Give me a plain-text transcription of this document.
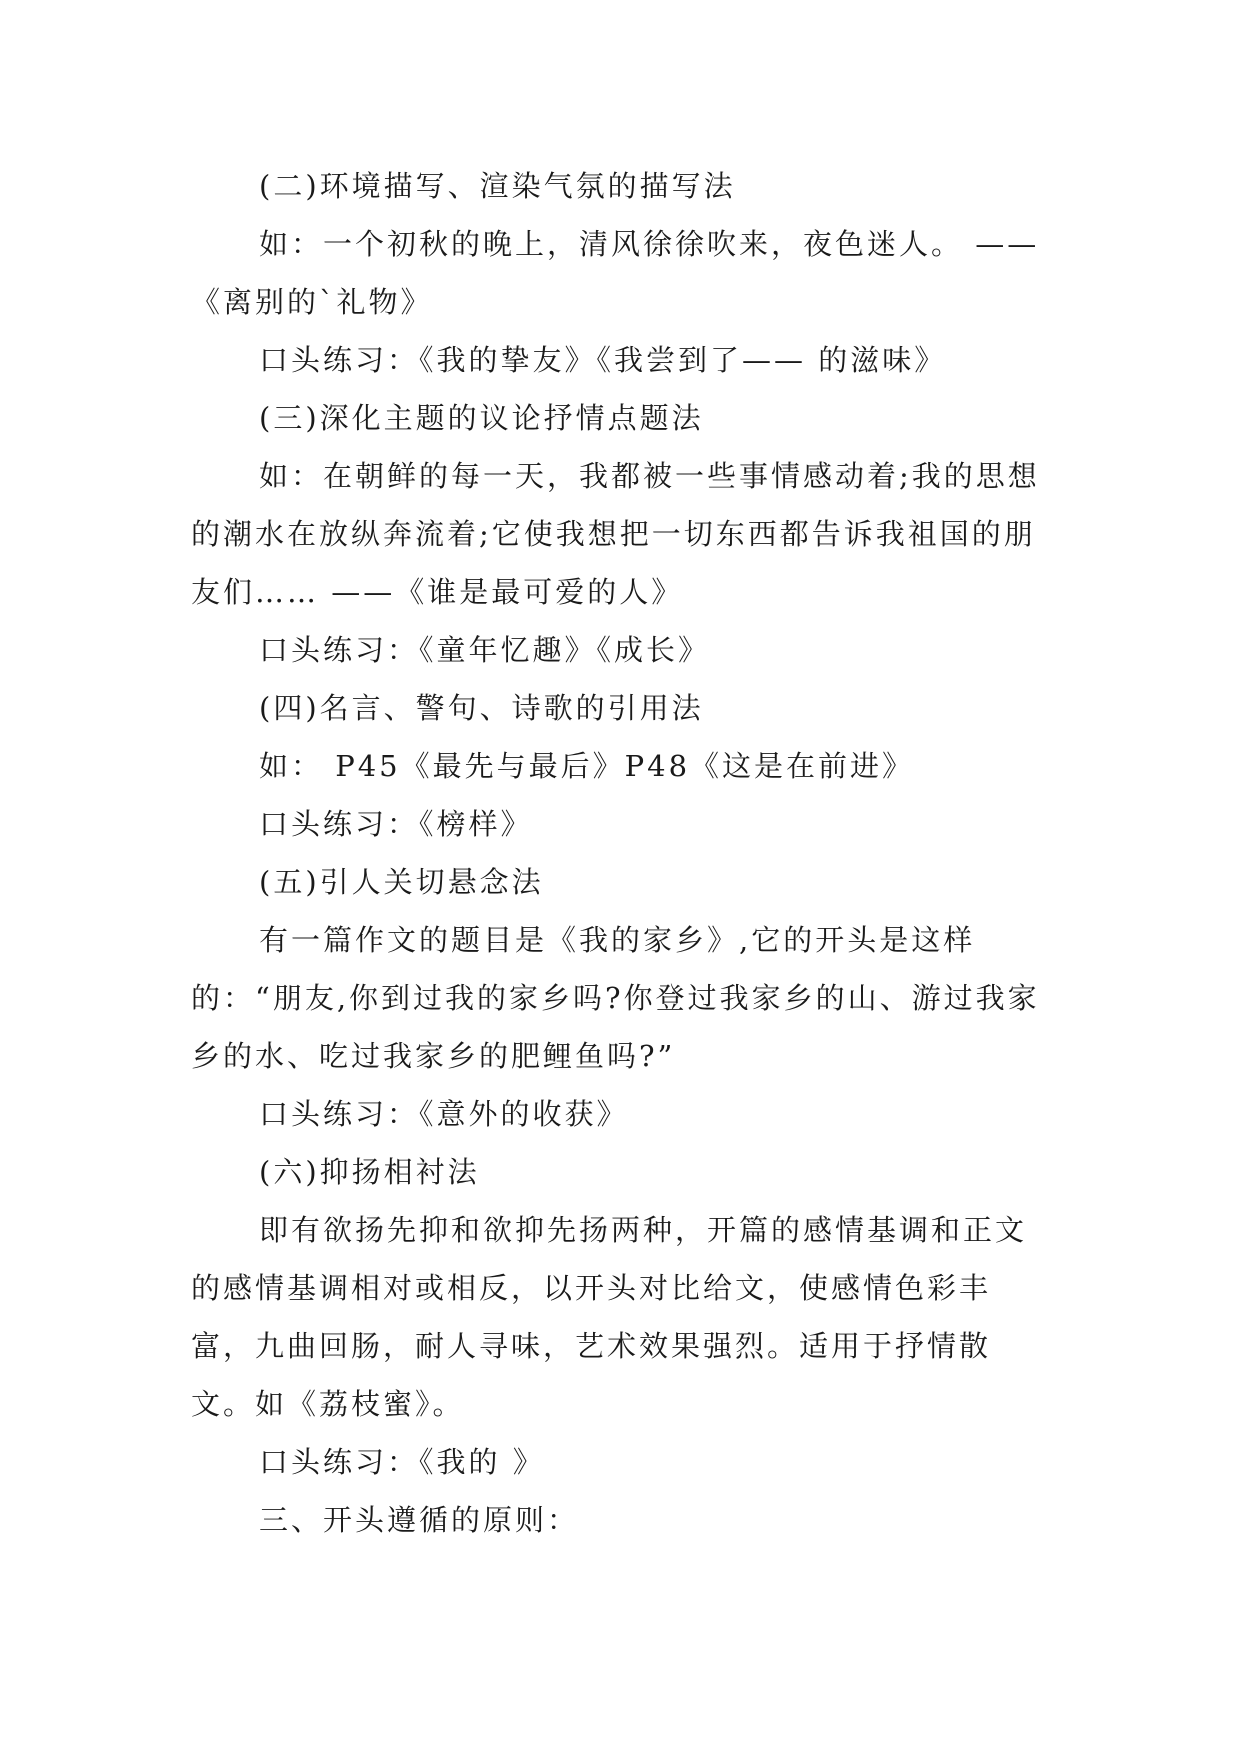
(二)环境描写、渲染气氛的描写法

如：一个初秋的晚上，清风徐徐吹来，夜色迷人。 ——《离别的`礼物》

口头练习：《我的挚友》《我尝到了—— 的滋味》

(三)深化主题的议论抒情点题法

如：在朝鲜的每一天，我都被一些事情感动着;我的思想的潮水在放纵奔流着;它使我想把一切东西都告诉我祖国的朋友们…… ——《谁是最可爱的人》

口头练习：《童年忆趣》《成长》

(四)名言、警句、诗歌的引用法

如： P45《最先与最后》P48《这是在前进》

口头练习：《榜样》

(五)引人关切悬念法

有一篇作文的题目是《我的家乡》,它的开头是这样的：“朋友,你到过我的家乡吗?你登过我家乡的山、游过我家乡的水、吃过我家乡的肥鲤鱼吗?”

口头练习：《意外的收获》

(六)抑扬相衬法

即有欲扬先抑和欲抑先扬两种，开篇的感情基调和正文的感情基调相对或相反，以开头对比给文，使感情色彩丰富，九曲回肠，耐人寻味，艺术效果强烈。适用于抒情散文。如《荔枝蜜》。

口头练习：《我的 》

三、开头遵循的原则：
